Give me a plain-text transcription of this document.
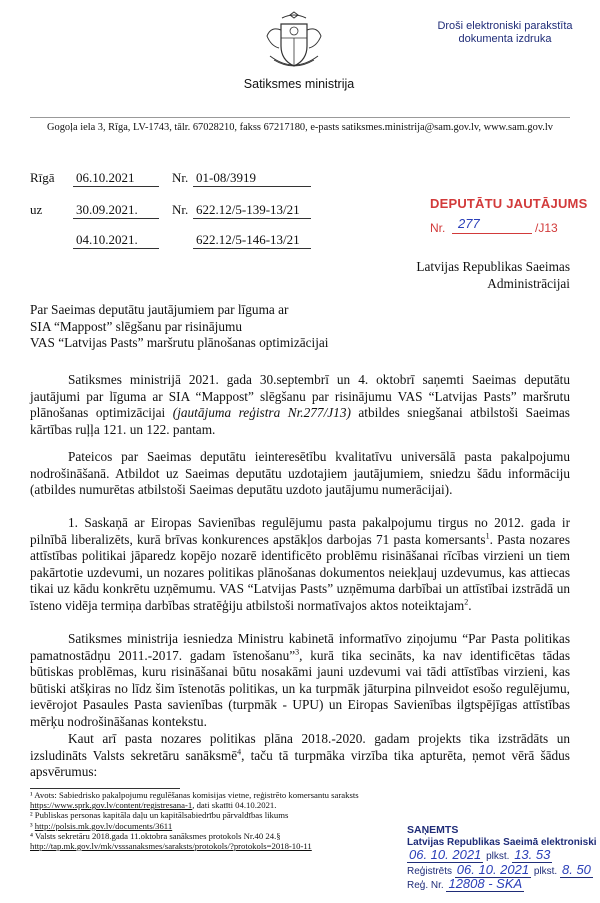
Satiksmes ministrija
Droši elektroniski parakstīta
dokumenta izdruka
Gogoļa iela 3, Rīga, LV-1743, tālr. 67028210, fakss 67217180, e-pasts satiksmes.ministrija@sam.gov.lv, www.sam.gov.lv
Rīgā 06.10.2021	Nr. 01-08/3919
uz	30.09.2021.	Nr. 622.12/5-139-13/21
04.10.2021.	622.12/5-146-13/21
DEPUTĀTU JAUTĀJUMS
Nr. 277	/J13
Latvijas Republikas Saeimas
Administrācijai
Par Saeimas deputātu jautājumiem par līguma ar
SIA “Mappost” slēgšanu par risinājumu
VAS “Latvijas Pasts” maršrutu plānošanas optimizācijai

Satiksmes ministrijā 2021. gada 30.septembrī un 4. oktobrī saņemti Saeimas deputātu jautājumi par līguma ar SIA “Mappost” slēgšanu par risinājumu VAS “Latvijas Pasts” maršrutu plānošanas optimizācijai (jautājuma reģistra Nr.277/J13) atbildes sniegšanai atbilstoši Saeimas kārtības ruļļa 121. un 122. pantam.

Pateicos par Saeimas deputātu ieinteresētību kvalitatīvu universālā pasta pakalpojumu nodrošināšanā. Atbildot uz Saeimas deputātu uzdotajiem jautājumiem, sniedzu šādu informāciju (atbildes numurētas atbilstoši Saeimas deputātu uzdoto jautājumu numerācijai).

1. Saskaņā ar Eiropas Savienības regulējumu pasta pakalpojumu tirgus no 2012. gada ir pilnībā liberalizēts, kurā brīvas konkurences apstākļos darbojas 71 pasta komersants$^1$. Pasta nozares attīstības politikai jāparedz kopējo nozarē identificēto problēmu risināšanai rīcības virzieni un tiem pakārtotie uzdevumi, un nozares politikas plānošanas dokumentos neiekļauj uzdevumus, kas attiecas tikai uz kādu konkrētu uzņēmumu. VAS “Latvijas Pasts” uzņēmuma darbībai un attīstībai izstrādā un īsteno vidēja termiņa darbības stratēģiju atbilstoši normatīvajos aktos noteiktajam$^2$.

Satiksmes ministrija iesniedza Ministru kabinetā informatīvo ziņojumu “Par Pasta politikas pamatnostādņu 2011.-2017. gadam īstenošanu”$^3$, kurā tika secināts, ka nav identificētas tādas būtiskas problēmas, kuru risināšanai būtu nosakāmi jauni uzdevumi vai tādi attīstības virzieni, kas būtiski atšķiras no līdz šim īstenotās politikas, un ka turpmāk jāturpina pilnveidot esošo regulējumu, ievērojot Pasaules Pasta savienības (turpmāk - UPU) un Eiropas Savienības ilgtspējīgas attīstības mērķu nodrošināšanas kontekstu.

Kaut arī pasta nozares politikas plāna 2018.-2020. gadam projekts tika izstrādāts un izsludināts Valsts sekretāru sanāksmē$^4$, taču tā turpmāka virzība tika apturēta, ņemot vērā šādus apsvērumus:

¹ Avots: Sabiedrisko pakalpojumu regulēšanas komisijas vietne, reģistrēto komersantu saraksts https://www.sprk.gov.lv/content/registresana-1, dati skatīti 04.10.2021.
² Publiskas personas kapitāla daļu un kapitālsabiedrību pārvaldības likums
³ http://polsis.mk.gov.lv/documents/3611
⁴ Valsts sekretāru 2018.gada 11.oktobra sanāksmes protokols Nr.40 24.§
http://tap.mk.gov.lv/mk/vsssanaksmes/saraksts/protokols/?protokols=2018-10-11
SAŅEMTS
Latvijas Republikas Saeimā elektroniski
06. 10. 2021 plkst. 13. 53
Reģistrēts 06. 10. 2021 plkst. 8. 50
Reģ. Nr. 12808 - SKA
